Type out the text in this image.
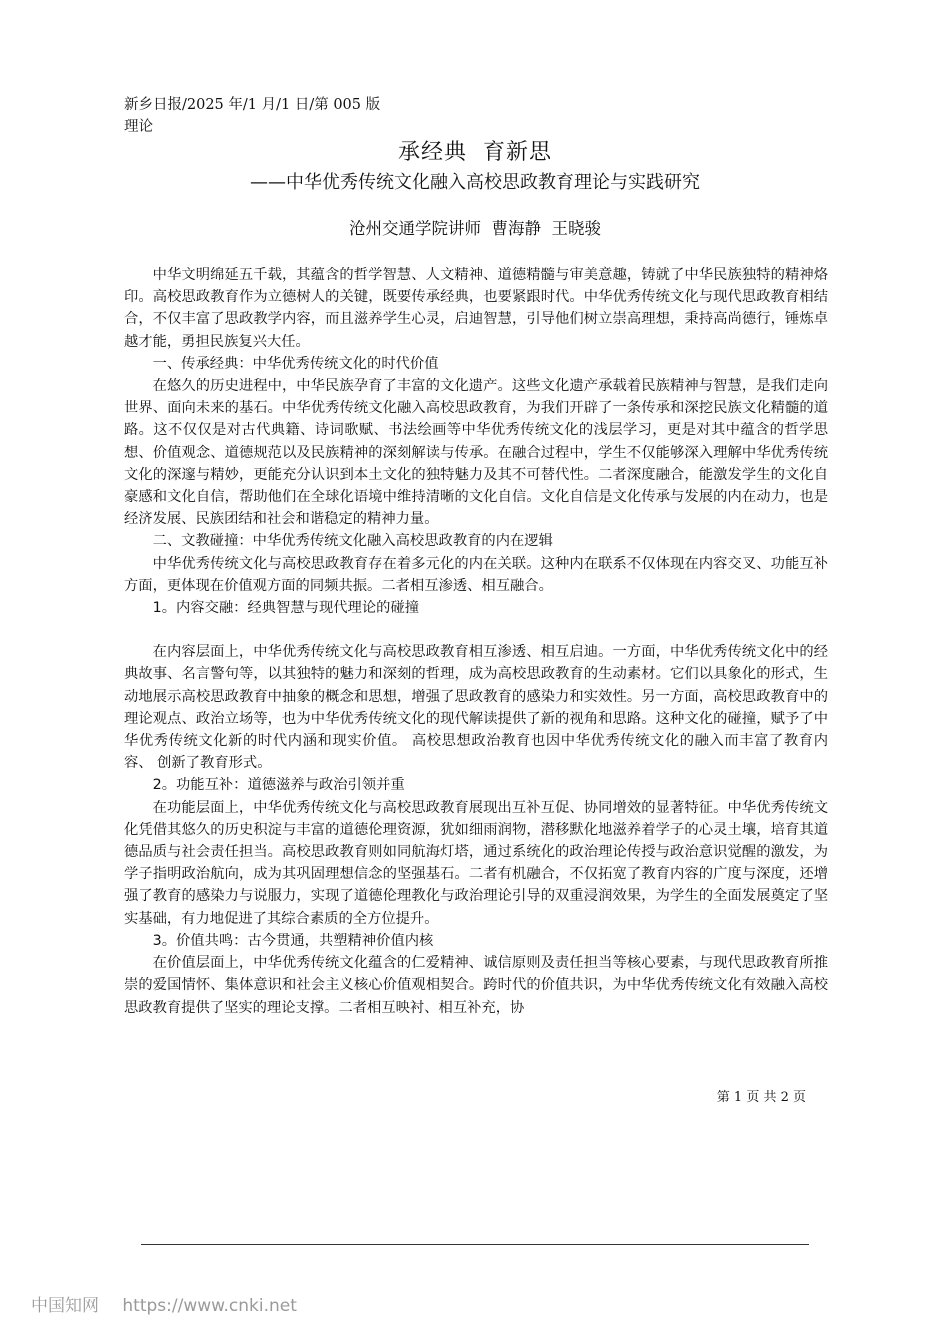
新乡日报/2025 年/1 月/1 日/第 005 版理论
承经典  育新思
——中华优秀传统文化融入高校思政教育理论与实践研究
沧州交通学院讲师  曹海静  王晓骏

中华文明绵延五千载，其蕴含的哲学智慧、人文精神、道德精髓与审美意趣，铸就了中华民族独特的精神烙印。高校思政教育作为立德树人的关键，既要传承经典，也要紧跟时代。中华优秀传统文化与现代思政教育相结合，不仅丰富了思政教学内容，而且滋养学生心灵，启迪智慧，引导他们树立崇高理想，秉持高尚德行，锤炼卓越才能，勇担民族复兴大任。

一、传承经典：中华优秀传统文化的时代价值

在悠久的历史进程中，中华民族孕育了丰富的文化遗产。这些文化遗产承载着民族精神与智慧，是我们走向世界、面向未来的基石。中华优秀传统文化融入高校思政教育，为我们开辟了一条传承和深挖民族文化精髓的道路。这不仅仅是对古代典籍、诗词歌赋、书法绘画等中华优秀传统文化的浅层学习，更是对其中蕴含的哲学思想、价值观念、道德规范以及民族精神的深刻解读与传承。在融合过程中，学生不仅能够深入理解中华优秀传统文化的深邃与精妙，更能充分认识到本土文化的独特魅力及其不可替代性。二者深度融合，能激发学生的文化自豪感和文化自信，帮助他们在全球化语境中维持清晰的文化自信。文化自信是文化传承与发展的内在动力，也是经济发展、民族团结和社会和谐稳定的精神力量。

二、文教碰撞：中华优秀传统文化融入高校思政教育的内在逻辑

中华优秀传统文化与高校思政教育存在着多元化的内在关联。这种内在联系不仅体现在内容交叉、功能互补方面，更体现在价值观方面的同频共振。二者相互渗透、相互融合。

1。内容交融：经典智慧与现代理论的碰撞

在内容层面上，中华优秀传统文化与高校思政教育相互渗透、相互启迪。一方面，中华优秀传统文化中的经典故事、名言警句等，以其独特的魅力和深刻的哲理，成为高校思政教育的生动素材。它们以具象化的形式，生动地展示高校思政教育中抽象的概念和思想，增强了思政教育的感染力和实效性。另一方面，高校思政教育中的理论观点、政治立场等，也为中华优秀传统文化的现代解读提供了新的视角和思路。这种文化的碰撞，赋予了中华优秀传统文化新的时代内涵和现实价值。 高校思想政治教育也因中华优秀传统文化的融入而丰富了教育内容、 创新了教育形式。

2。功能互补：道德滋养与政治引领并重

在功能层面上，中华优秀传统文化与高校思政教育展现出互补互促、协同增效的显著特征。中华优秀传统文化凭借其悠久的历史积淀与丰富的道德伦理资源，犹如细雨润物，潜移默化地滋养着学子的心灵土壤，培育其道德品质与社会责任担当。高校思政教育则如同航海灯塔，通过系统化的政治理论传授与政治意识觉醒的激发，为学子指明政治航向，成为其巩固理想信念的坚强基石。二者有机融合，不仅拓宽了教育内容的广度与深度，还增强了教育的感染力与说服力，实现了道德伦理教化与政治理论引导的双重浸润效果，为学生的全面发展奠定了坚实基础，有力地促进了其综合素质的全方位提升。

3。价值共鸣：古今贯通，共塑精神价值内核

在价值层面上，中华优秀传统文化蕴含的仁爱精神、诚信原则及责任担当等核心要素，与现代思政教育所推崇的爱国情怀、集体意识和社会主义核心价值观相契合。跨时代的价值共识，为中华优秀传统文化有效融入高校思政教育提供了坚实的理论支撑。二者相互映衬、相互补充，协

第 1 页 共 2 页
中国知网 https://www.cnki.net
